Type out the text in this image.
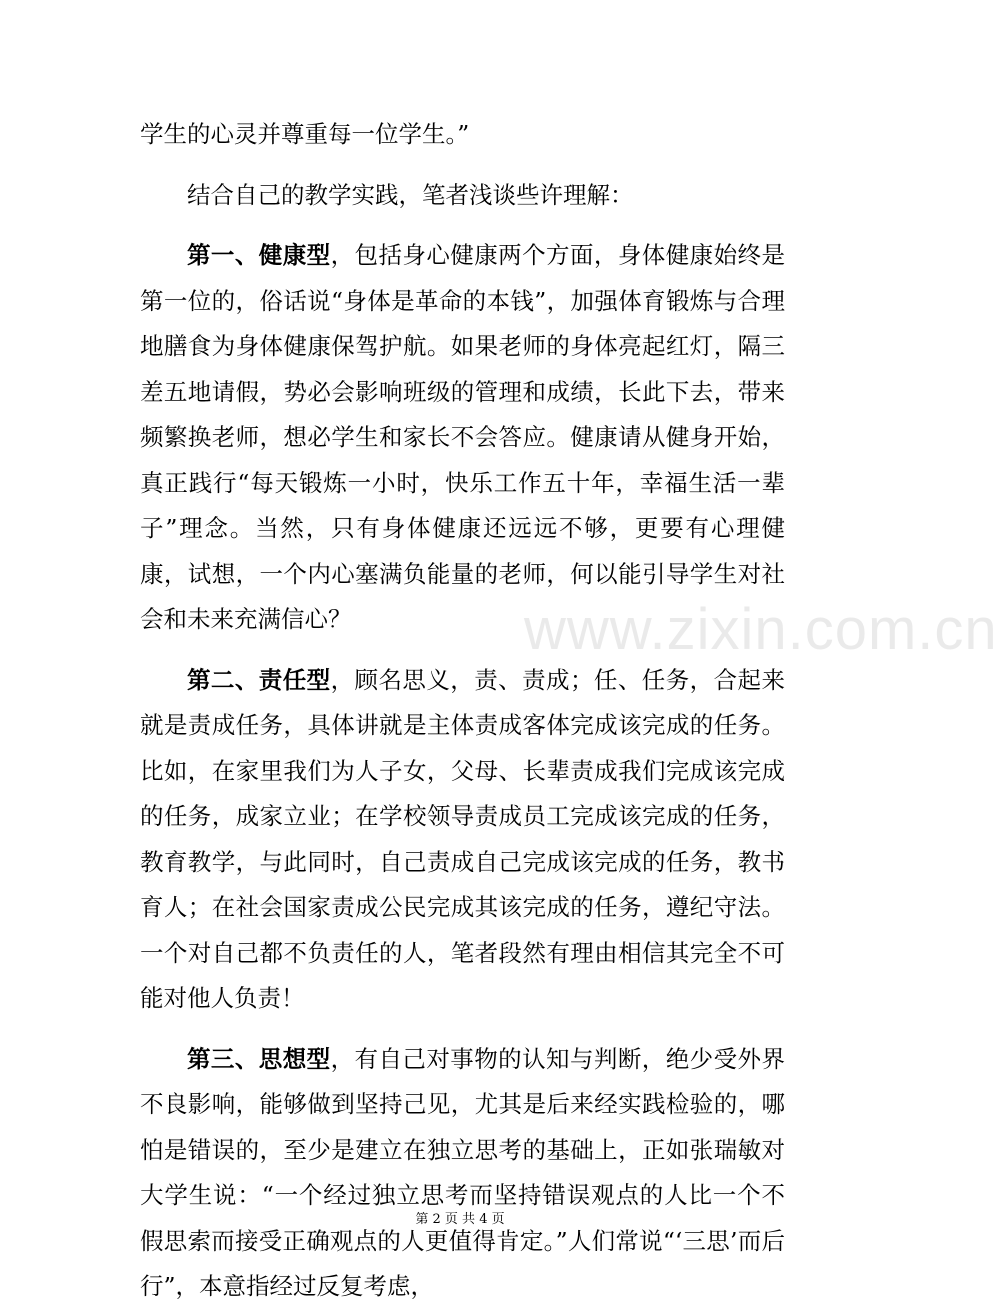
www.zixin.com.cn

学生的心灵并尊重每一位学生。”

结合自己的教学实践，笔者浅谈些许理解：

第一、健康型，包括身心健康两个方面，身体健康始终是第一位的，俗话说“身体是革命的本钱”，加强体育锻炼与合理地膳食为身体健康保驾护航。如果老师的身体亮起红灯，隔三差五地请假，势必会影响班级的管理和成绩，长此下去，带来频繁换老师，想必学生和家长不会答应。健康请从健身开始，真正践行“每天锻炼一小时，快乐工作五十年，幸福生活一辈子”理念。当然，只有身体健康还远远不够，更要有心理健康，试想，一个内心塞满负能量的老师，何以能引导学生对社会和未来充满信心？

第二、责任型，顾名思义，责、责成；任、任务，合起来就是责成任务，具体讲就是主体责成客体完成该完成的任务。比如，在家里我们为人子女，父母、长辈责成我们完成该完成的任务，成家立业；在学校领导责成员工完成该完成的任务，教育教学，与此同时，自己责成自己完成该完成的任务，教书育人；在社会国家责成公民完成其该完成的任务，遵纪守法。一个对自己都不负责任的人，笔者段然有理由相信其完全不可能对他人负责！

第三、思想型，有自己对事物的认知与判断，绝少受外界不良影响，能够做到坚持己见，尤其是后来经实践检验的，哪怕是错误的，至少是建立在独立思考的基础上，正如张瑞敏对大学生说：“一个经过独立思考而坚持错误观点的人比一个不假思索而接受正确观点的人更值得肯定。”人们常说“‘三思’而后行”，本意指经过反复考虑，

第 2 页 共 4 页
